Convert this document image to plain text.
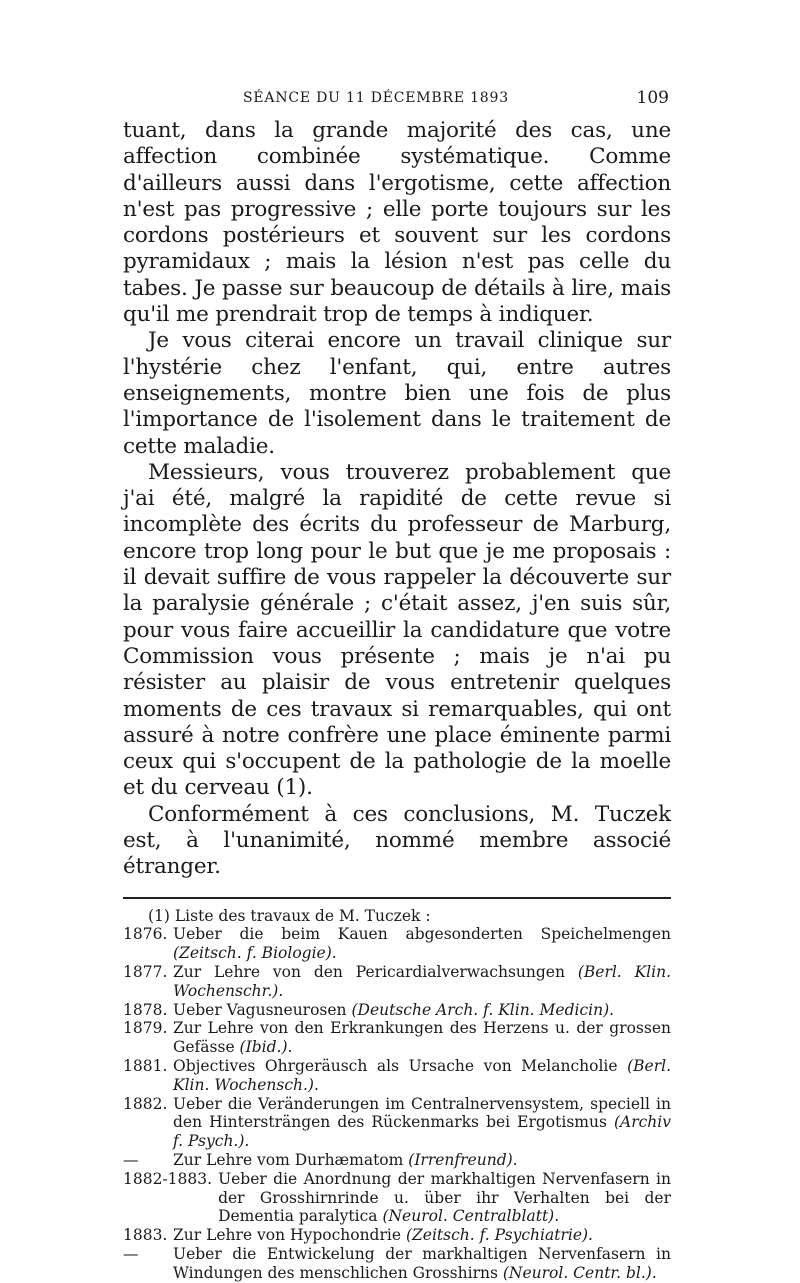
SÉANCE DU 11 DÉCEMBRE 1893	109
tuant, dans la grande majorité des cas, une affection combinée systématique. Comme d'ailleurs aussi dans l'ergotisme, cette affection n'est pas progressive ; elle porte toujours sur les cordons postérieurs et souvent sur les cordons pyramidaux ; mais la lésion n'est pas celle du tabes. Je passe sur beaucoup de détails à lire, mais qu'il me prendrait trop de temps à indiquer.
Je vous citerai encore un travail clinique sur l'hystérie chez l'enfant, qui, entre autres enseignements, montre bien une fois de plus l'importance de l'isolement dans le traitement de cette maladie.
Messieurs, vous trouverez probablement que j'ai été, malgré la rapidité de cette revue si incomplète des écrits du professeur de Marburg, encore trop long pour le but que je me proposais : il devait suffire de vous rappeler la découverte sur la paralysie générale ; c'était assez, j'en suis sûr, pour vous faire accueillir la candidature que votre Commission vous présente ; mais je n'ai pu résister au plaisir de vous entretenir quelques moments de ces travaux si remarquables, qui ont assuré à notre confrère une place éminente parmi ceux qui s'occupent de la pathologie de la moelle et du cerveau (1).
Conformément à ces conclusions, M. Tuczek est, à l'unanimité, nommé membre associé étranger.
(1) Liste des travaux de M. Tuczek :
1876. Ueber die beim Kauen abgesonderten Speichelmengen (Zeitsch. f. Biologie).
1877. Zur Lehre von den Pericardialverwachsungen (Berl. Klin. Wochenschr.).
1878. Ueber Vagusneurosen (Deutsche Arch. f. Klin. Medicin).
1879. Zur Lehre von den Erkrankungen des Herzens u. der grossen Gefässe (Ibid.).
1881. Objectives Ohrgeräusch als Ursache von Melancholie (Berl. Klin. Wochensch.).
1882. Ueber die Veränderungen im Centralnervensystem, speciell in den Hintersträngen des Rückenmarks bei Ergotismus (Archiv f. Psych.).
—	Zur Lehre vom Durhæmatom (Irrenfreund).
1882-1883. Ueber die Anordnung der markhaltigen Nervenfasern in der Grosshirnrinde u. über ihr Verhalten bei der Dementia paralytica (Neurol. Centralblatt).
1883. Zur Lehre von Hypochondrie (Zeitsch. f. Psychiatrie).
—	Ueber die Entwickelung der markhaltigen Nervenfasern in Windungen des menschlichen Grosshirns (Neurol. Centr. bl.).
